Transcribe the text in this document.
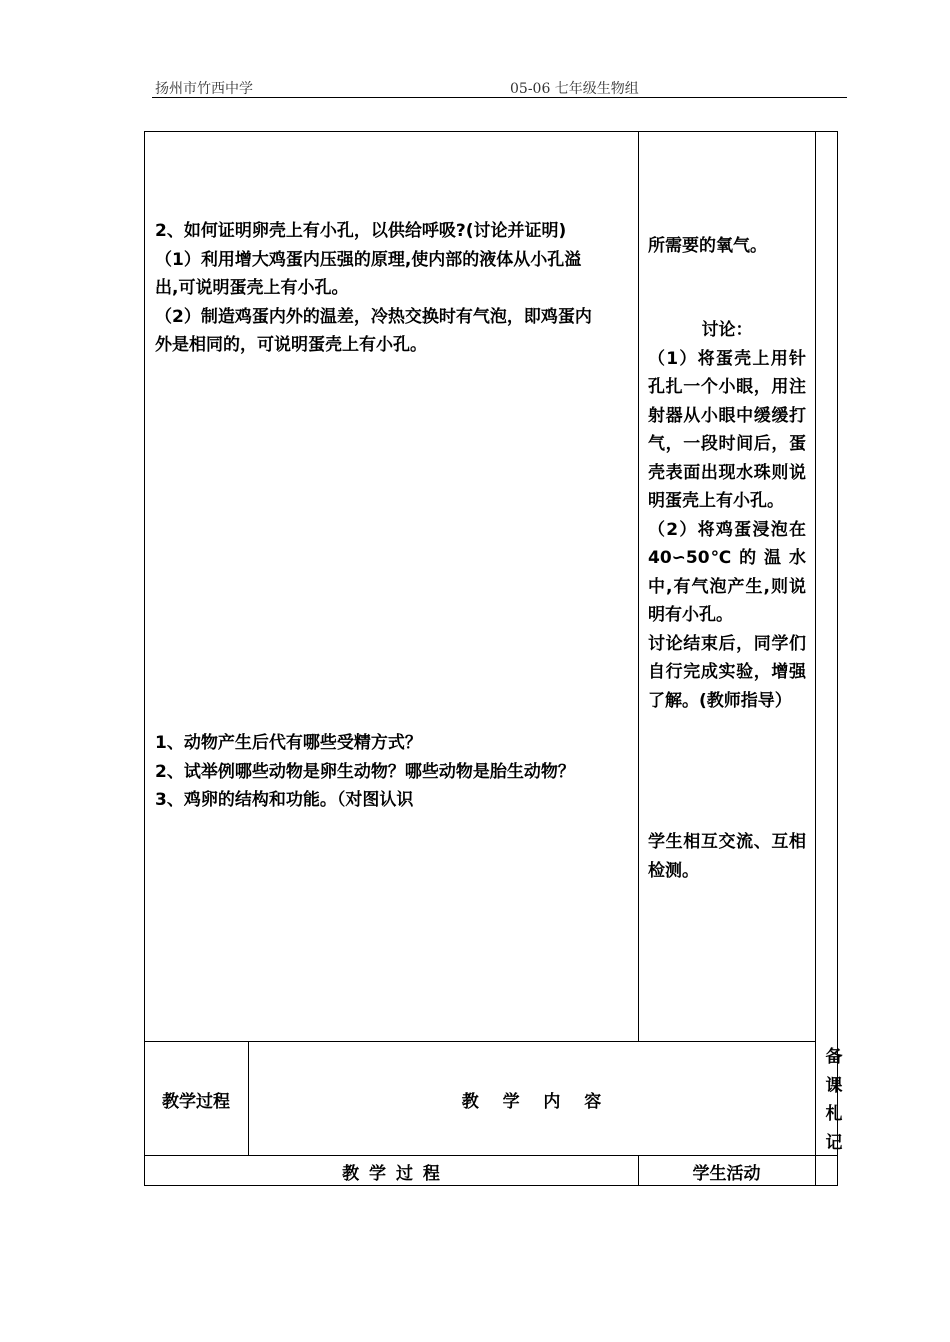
扬州市竹西中学	05-06 七年级生物组

2、如何证明卵壳上有小孔，以供给呼吸?(讨论并证明)

（1）利用增大鸡蛋内压强的原理,使内部的液体从小孔溢

出,可说明蛋壳上有小孔。

（2）制造鸡蛋内外的温差，冷热交换时有气泡，即鸡蛋内

外是相同的，可说明蛋壳上有小孔。

1、动物产生后代有哪些受精方式？

2、试举例哪些动物是卵生动物？哪些动物是胎生动物？

3、鸡卵的结构和功能。（对图认识

所需要的氧气。

讨论：

（1）将蛋壳上用针孔扎一个小眼，用注射器从小眼中缓缓打气，一段时间后，蛋壳表面出现水珠则说明蛋壳上有小孔。

（2）将鸡蛋浸泡在40∽50℃ 的 温 水中,有气泡产生,则说明有小孔。

讨论结束后，同学们自行完成实验，增强了解。(教师指导）

学生相互交流、互相检测。

教学过程	教  学  内  容
备
课
札
记
教 学 过 程	学生活动
